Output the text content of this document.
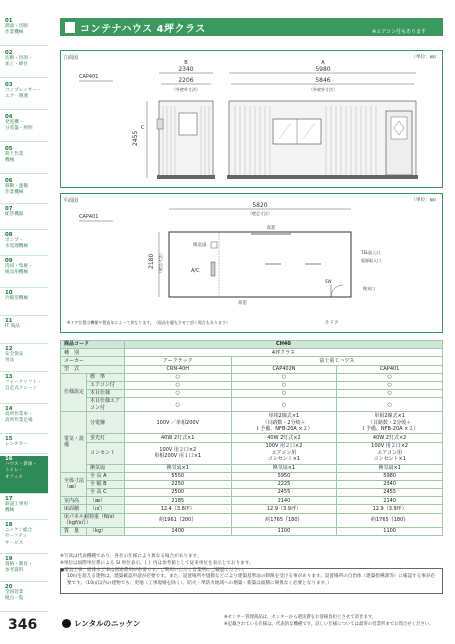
01
測量・切断
作業機械
02
切断・切削・
加工・締付
03
コンプレッサー・
エア一関連
04
発電機・
分電盤・照明
05
荷上作業
機械
06
移動・運搬
作業機械
07
配管機器
08
ポンプ・
水処理機械
09
清掃・集塵・
換気用機械
10
冷暖房機械
11
IT 商品
12
安全保安
用品
13
フォークリフト・
自走式クレーン
14
高所作業車・
高所作業足場
15
レンタカー
16
ハウス・倉庫・
トイレ・
オフィス
17
鉄道工事用
機械
18
ニッケン総合
セーフティ
サービス
19
資格・教育・
参考資料
20
全国営業
拠点一覧
346
コンテナハウス 4坪クラス	※エアコン付もあります
立面図	（単位：㎜）
CAP401
B
2340
2206
（外壁外寸法）
A
5980
5846
（外壁外寸法）
C
2455
平面図	（単位：㎜）
CAP401
5820
（壁芯寸法）
2180 （壁芯寸法）
高窓
換気扇
A/C
SW
高窓
TEL取入口
電源取入口
換気口
片ドア
※ドア位置は機種や製造年によって異なります。（現品を優先させて頂く場合もあります）
商品コード		CH40		
種　別		4坪クラス		
メーカー		アークテック	富士重工ハウス	
型　式		CRN-40H	CAP402N	CAP401
仕様設定	標　準	○	○	○
	エアコン付	○	○	○
	木目仕様	○	○	○
	木目仕様エアコン付	○	○	○
電気・設備	分電盤	100V ／単相200V	単相2線式×1
（目路数・2分岐＋
１予備、NFB-20A ×２）	単相2線式×1
（目路数・2分岐＋
１予備、NFB-20A ×２）
	蛍光灯	40W 2灯式×1	40W 2灯式×2	40W 2灯式×2
	コンセント	100V 用２口×2
単相200V 用１口×1	100V 用２口×2
エアコン用
コンセント×1	100V 用２口×2
エアコン用
コンセント×1
	換気扇	換気扇×1	換気扇×1	換気扇×1
全体寸法
（㎜）	全 長 A	5550	5950	5980
	全 幅 B	2250	2225	2340
	全 高 C	2500	2455	2455
室内高	（㎜）	2185	2140	2140
床面積	（㎡）	12.4（3.8坪）	12.9（3.9坪）	12.9（3.9坪）
床パネル耐荷重（N/㎡｛kgf/㎡｝）		約1961｛200｝	約1765｛180｝	約1765｛180｝
質　量	（kg）	1400	1100	1100
※写真は代表機種であり、各社の仕様により異なる場合があります。
※単位は国際単位系による SI 単位表示。｛ ｝内は参考値として従来単位を表示しております。
●電気工事、給排水工事は別途費用が必要です。ご利用いただく営業所にご確認ください。
10㎡を超える建物は、建築確認申請が必要です。また、設置場所や規模などにより建築基準法の制限を受ける事があります。設置場所の自治体（建築指導課等）に確認する事が必要です。（10㎡以内の建物でも、更地（工事現場を除く）、防火・準防火地域への増築・新築は面積に関係なく必要となります。）
レンタルのニッケン
※センター管理商品は、センターから週送費をお客様負担とさせて頂きます。
※記載されている仕様は、代表的な機種です。詳しい仕様については最寄の営業所までお問合せください。
